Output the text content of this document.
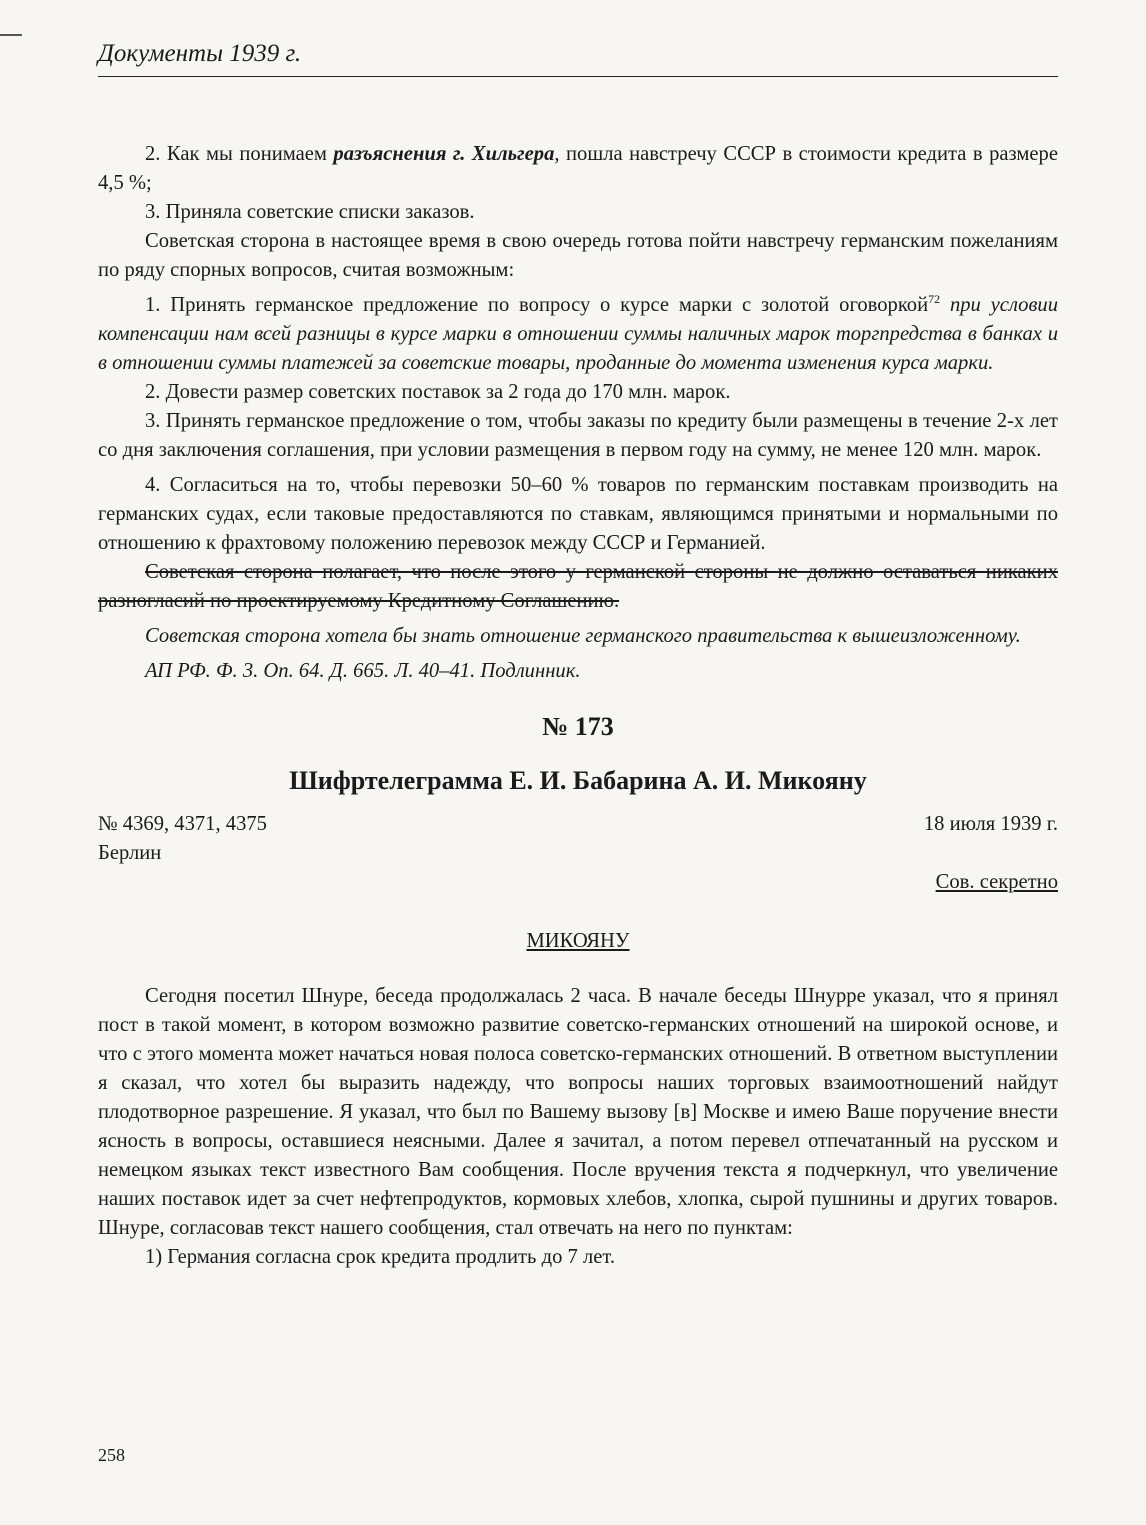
Документы 1939 г.

2. Как мы понимаем разъяснения г. Хильгера, пошла навстречу СССР в стоимости кредита в размере 4,5 %;

3. Приняла советские списки заказов.

Советская сторона в настоящее время в свою очередь готова пойти навстречу германским пожеланиям по ряду спорных вопросов, считая возможным:

1. Принять германское предложение по вопросу о курсе марки с золотой оговоркой$^{72}$ при условии компенсации нам всей разницы в курсе марки в отношении суммы наличных марок торгпредства в банках и в отношении суммы платежей за советские товары, проданные до момента изменения курса марки.

2. Довести размер советских поставок за 2 года до 170 млн. марок.

3. Принять германское предложение о том, чтобы заказы по кредиту были размещены в течение 2-х лет со дня заключения соглашения, при условии размещения в первом году на сумму, не менее 120 млн. марок.

4. Согласиться на то, чтобы перевозки 50–60 % товаров по германским поставкам производить на германских судах, если таковые предоставляются по ставкам, являющимся принятыми и нормальными по отношению к фрахтовому положению перевозок между СССР и Германией.

Советская сторона полагает, что после этого у германской стороны не должно оставаться никаких разногласий по проектируемому Кредитному Соглашению.

Советская сторона хотела бы знать отношение германского правительства к вышеизложенному.

АП РФ. Ф. 3. Оп. 64. Д. 665. Л. 40–41. Подлинник.

№ 173
Шифртелеграмма Е. И. Бабарина А. И. Микояну
№ 4369, 4371, 4375	18 июля 1939 г.
Берлин
Сов. секретно
МИКОЯНУ

Сегодня посетил Шнуре, беседа продолжалась 2 часа. В начале беседы Шнурре указал, что я принял пост в такой момент, в котором возможно развитие советско-германских отношений на широкой основе, и что с этого момента может начаться новая полоса советско-германских отношений. В ответном выступлении я сказал, что хотел бы выразить надежду, что вопросы наших торговых взаимоотношений найдут плодотворное разрешение. Я указал, что был по Вашему вызову [в] Москве и имею Ваше поручение внести ясность в вопросы, оставшиеся неясными. Далее я зачитал, а потом перевел отпечатанный на русском и немецком языках текст известного Вам сообщения. После вручения текста я подчеркнул, что увеличение наших поставок идет за счет нефтепродуктов, кормовых хлебов, хлопка, сырой пушнины и других товаров. Шнуре, согласовав текст нашего сообщения, стал отвечать на него по пунктам:

1) Германия согласна срок кредита продлить до 7 лет.

258
